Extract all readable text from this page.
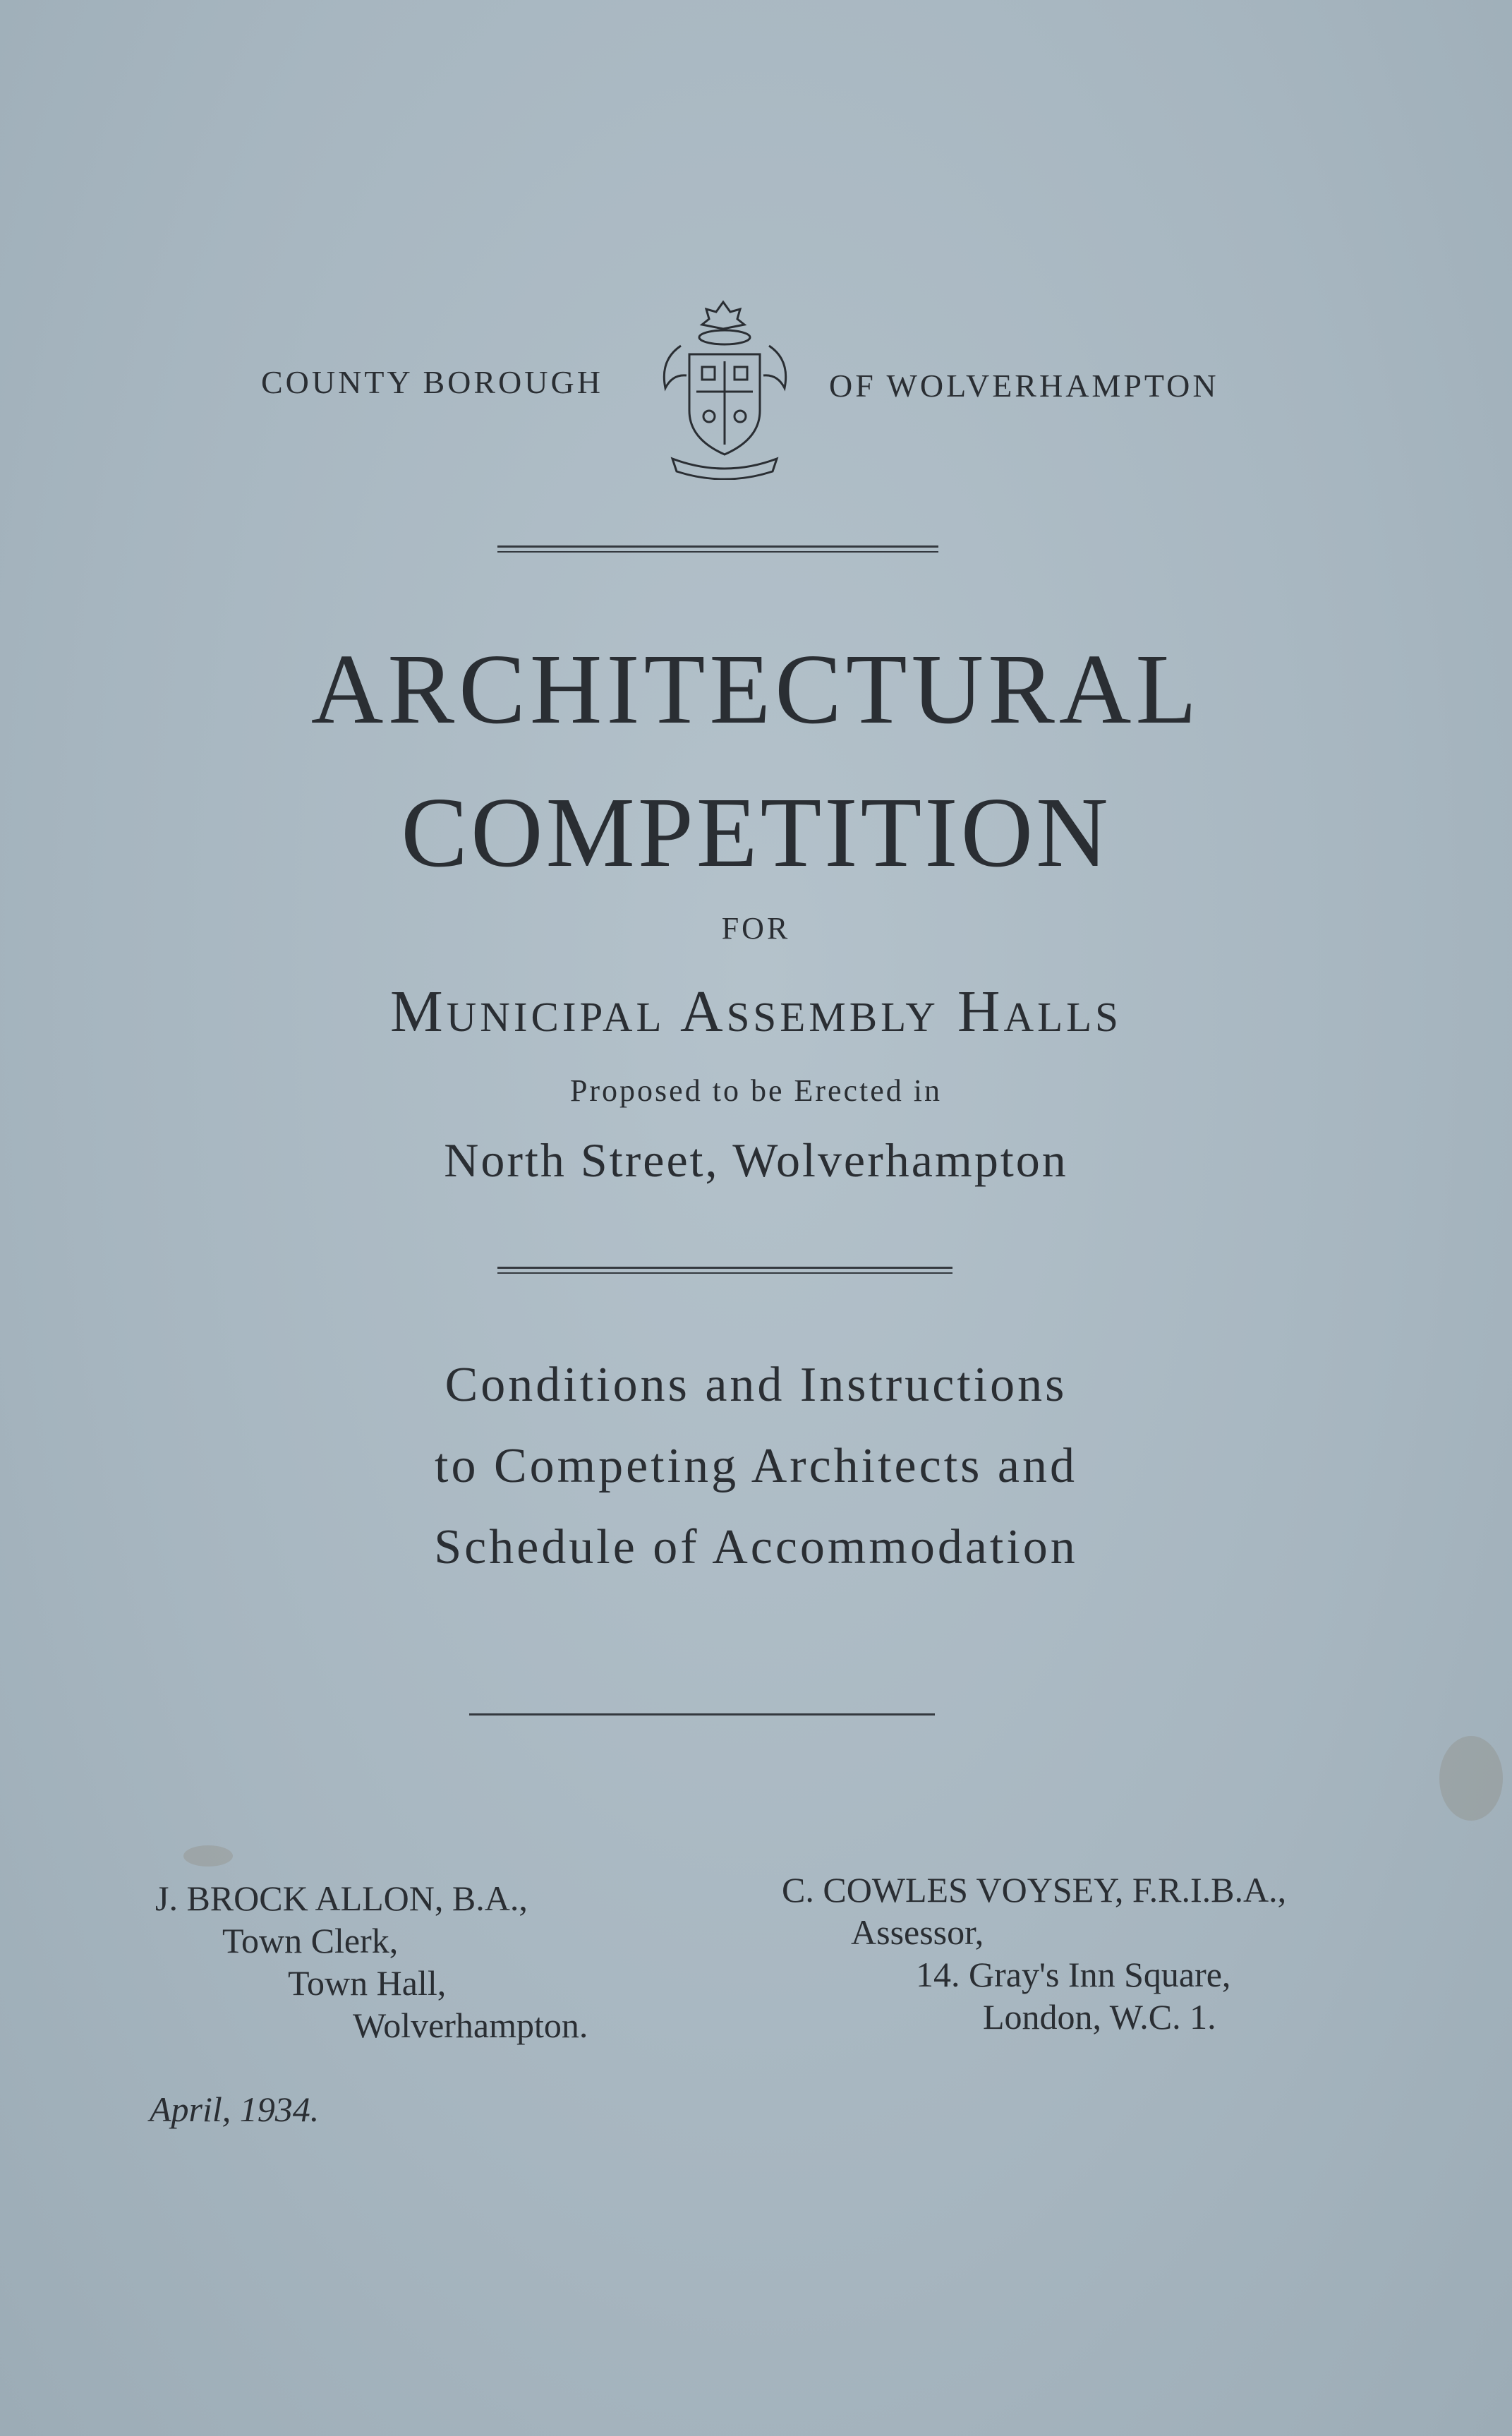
COUNTY BOROUGH	OF WOLVERHAMPTON
ARCHITECTURAL
COMPETITION
FOR
Municipal Assembly Halls
Proposed to be Erected in
North Street, Wolverhampton
Conditions and Instructions
to Competing Architects and
Schedule of Accommodation
J. BROCK ALLON, B.A.,
Town Clerk,
Town Hall,
Wolverhampton.
C. COWLES VOYSEY, F.R.I.B.A.,
Assessor,
14. Gray's Inn Square,
London, W.C. 1.
April, 1934.
